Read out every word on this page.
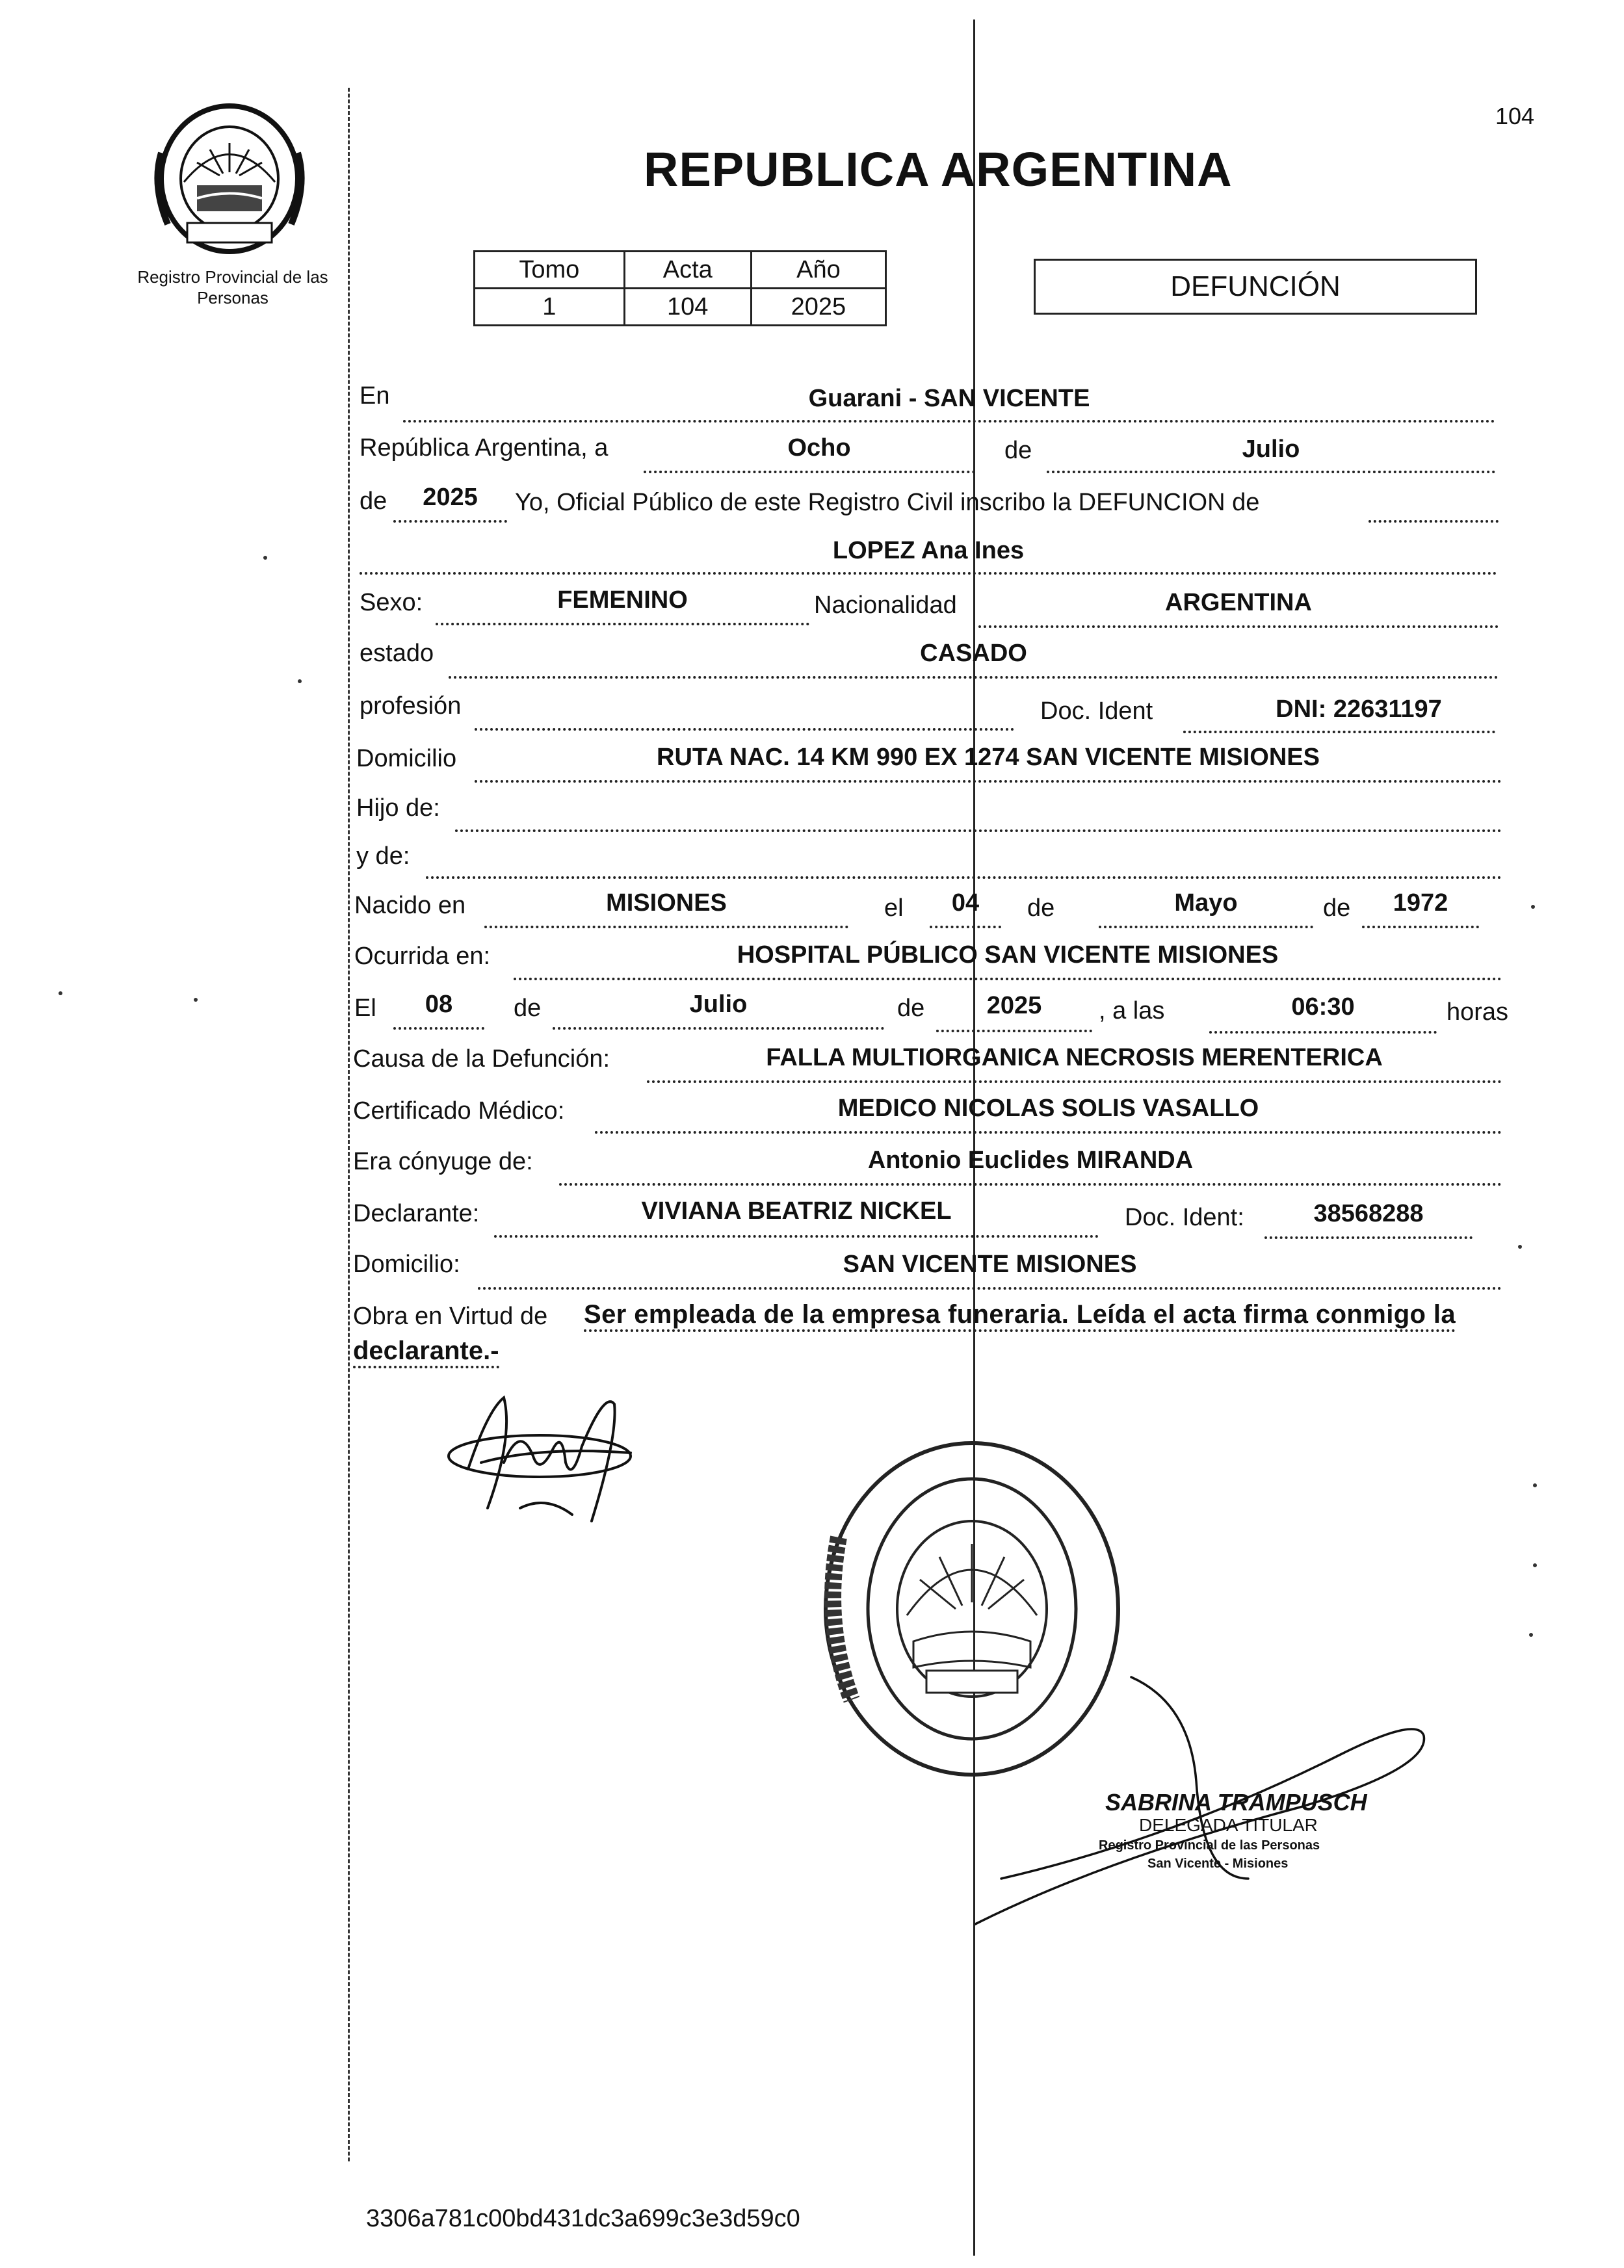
104
Registro Provincial de las Personas
REPUBLICA ARGENTINA
Tomo	Acta	Año
1	104	2025
DEFUNCIÓN
En	Guarani - SAN VICENTE
República Argentina, a	Ocho	de	Julio
de	2025	Yo, Oficial Público de este Registro Civil inscribo la DEFUNCION de
LOPEZ Ana Ines
Sexo:	FEMENINO	Nacionalidad	ARGENTINA
estado	CASADO
profesión	Doc. Ident	DNI: 22631197
Domicilio	RUTA NAC. 14 KM 990 EX 1274 SAN VICENTE MISIONES
Hijo de:
y de:
Nacido en	MISIONES	el	04	de	Mayo	de	1972
Ocurrida en:	HOSPITAL PÚBLICO SAN VICENTE MISIONES
El	08	de	Julio	de	2025	, a las	06:30	horas
Causa de la Defunción:	FALLA MULTIORGANICA NECROSIS MERENTERICA
Certificado Médico:	MEDICO NICOLAS SOLIS VASALLO
Era cónyuge de:	Antonio Euclides MIRANDA
Declarante:	VIVIANA BEATRIZ NICKEL	Doc. Ident:	38568288
Domicilio:	SAN VICENTE MISIONES
Obra en Virtud de Ser empleada de la empresa funeraria. Leída el acta firma conmigo la
declarante.-
SABRINA TRAMPUSCH
DELEGADA TITULAR
Registro Provincial de las Personas
San Vicente - Misiones
3306a781c00bd431dc3a699c3e3d59c0
